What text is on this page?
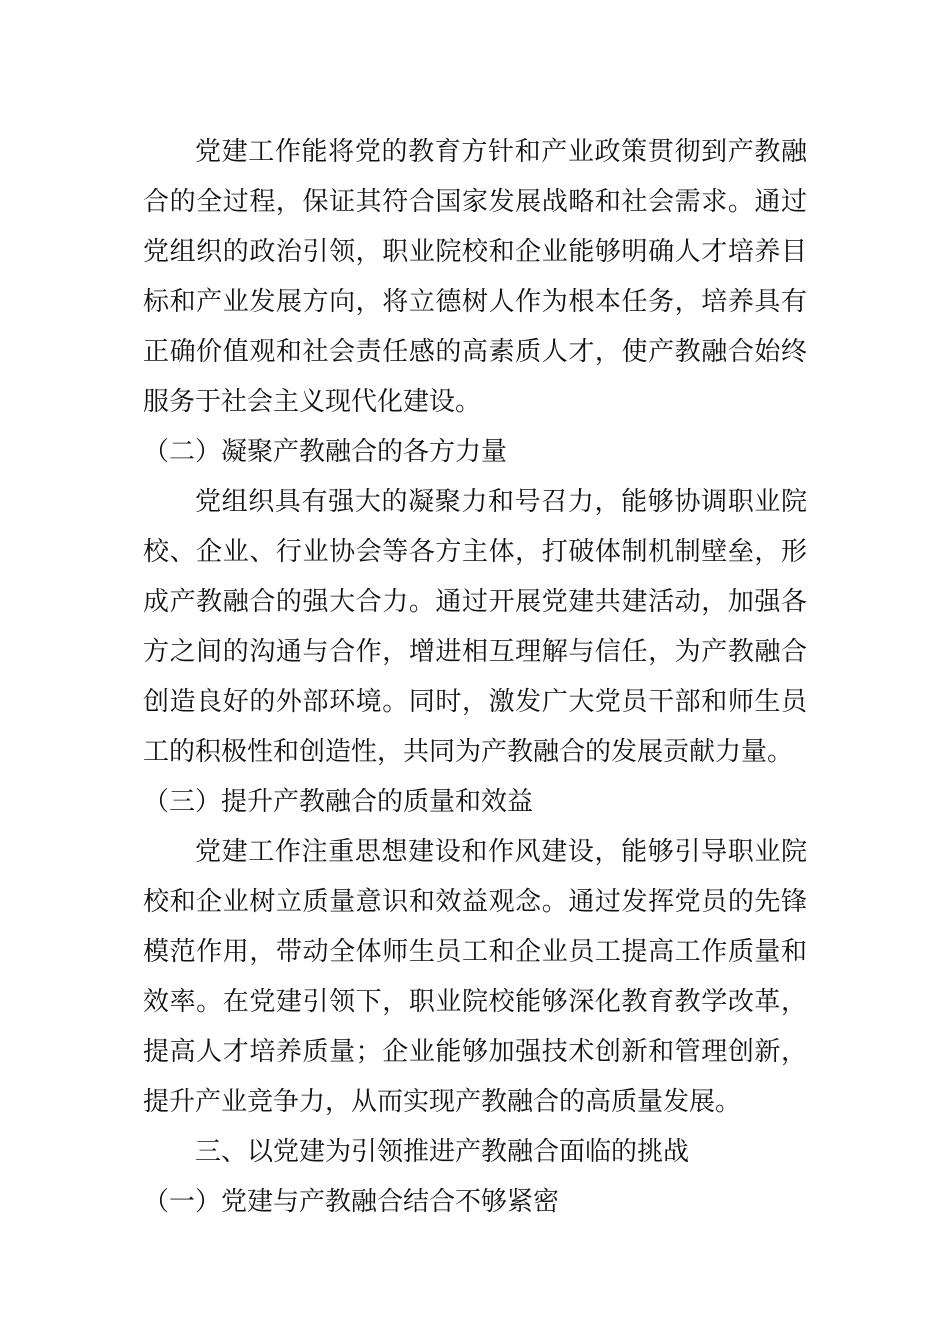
党建工作能将党的教育方针和产业政策贯彻到产教融合的全过程，保证其符合国家发展战略和社会需求。通过党组织的政治引领，职业院校和企业能够明确人才培养目标和产业发展方向，将立德树人作为根本任务，培养具有正确价值观和社会责任感的高素质人才，使产教融合始终服务于社会主义现代化建设。

（二）凝聚产教融合的各方力量

党组织具有强大的凝聚力和号召力，能够协调职业院校、企业、行业协会等各方主体，打破体制机制壁垒，形成产教融合的强大合力。通过开展党建共建活动，加强各方之间的沟通与合作，增进相互理解与信任，为产教融合创造良好的外部环境。同时，激发广大党员干部和师生员工的积极性和创造性，共同为产教融合的发展贡献力量。

（三）提升产教融合的质量和效益

党建工作注重思想建设和作风建设，能够引导职业院校和企业树立质量意识和效益观念。通过发挥党员的先锋模范作用，带动全体师生员工和企业员工提高工作质量和效率。在党建引领下，职业院校能够深化教育教学改革，提高人才培养质量；企业能够加强技术创新和管理创新，提升产业竞争力，从而实现产教融合的高质量发展。

三、以党建为引领推进产教融合面临的挑战

（一）党建与产教融合结合不够紧密
